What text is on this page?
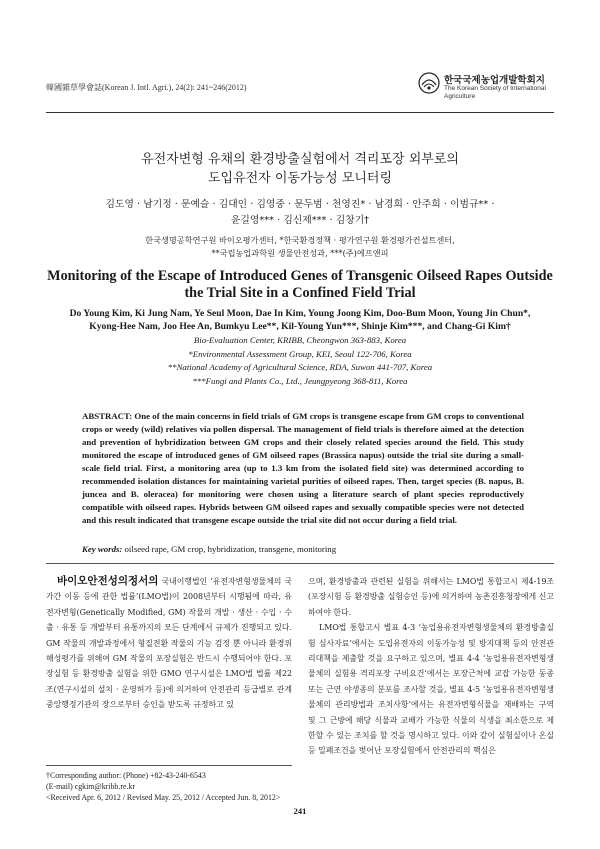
韓國雜草學會誌(Korean J. Intl. Agri.), 24(2): 241~246(2012)
한국국제농업개발학회지
The Korean Society of International Agriculture
유전자변형 유채의 환경방출실험에서 격리포장 외부로의
도입유전자 이동가능성 모니터링
김도영 · 남기정 · 문예슬 · 김대인 · 김영중 · 문두범 · 천영진* · 남경희 · 안주희 · 이범규** ·
윤길영*** · 김신제*** · 김창기†
한국생명공학연구원 바이오평가센터, *한국환경정책 · 평가연구원 환경평가컨설트센터,
**국립농업과학원 생물안전성과, ***(주)에프앤피
Monitoring of the Escape of Introduced Genes of Transgenic Oilseed Rapes Outside
the Trial Site in a Confined Field Trial
Do Young Kim, Ki Jung Nam, Ye Seul Moon, Dae In Kim, Young Joong Kim, Doo-Bum Moon, Young Jin Chun*,
Kyong-Hee Nam, Joo Hee An, Bumkyu Lee**, Kil-Young Yun***, Shinje Kim***, and Chang-Gi Kim†
Bio-Evaluation Center, KRIBB, Cheongwon 363-883, Korea
*Environmental Assessment Group, KEI, Seoul 122-706, Korea
**National Academy of Agricultural Science, RDA, Suwon 441-707, Korea
***Fungi and Plants Co., Ltd., Jeungpyeong 368-811, Korea
ABSTRACT: One of the main concerns in field trials of GM crops is transgene escape from GM crops to conventional crops or weedy (wild) relatives via pollen dispersal. The management of field trials is therefore aimed at the detection and prevention of hybridization between GM crops and their closely related species around the field. This study monitored the escape of introduced genes of GM oilseed rapes (Brassica napus) outside the trial site during a small-scale field trial. First, a monitoring area (up to 1.3 km from the isolated field site) was determined according to recommended isolation distances for maintaining varietal purities of oilseed rapes. Then, target species (B. napus, B. juncea and B. oleracea) for monitoring were chosen using a literature search of plant species reproductively compatible with oilseed rapes. Hybrids between GM oilseed rapes and sexually compatible species were not detected and this result indicated that transgene escape outside the trial site did not occur during a field trial.
Key words: oilseed rape, GM crop, hybridization, transgene, monitoring

바이오안전성의정서의 국내이행법인 ‘유전자변형생물체의 국가간 이동 등에 관한 법률’(LMO법)이 2008년부터 시행됨에 따라, 유전자변형(Genetically Modified, GM) 작물의 개발 · 생산 · 수입 · 수출 · 유통 등 개발부터 유통까지의 모든 단계에서 규제가 진행되고 있다. GM 작물의 개발과정에서 형질전환 작물의 기능 검정 뿐 아니라 환경위해성평가를 위해여 GM 작물의 포장실험은 반드시 수행되어야 한다. 포장실험 등 환경방출 실험을 위한 GMO 연구시설은 LMO법 법률 제22조(연구시설의 설치 · 운영허가 등)에 의거하여 안전관리 등급별로 관계중앙행정기관의 장으로부터 승인을 받도록 규정하고 있

으며, 환경방출과 관련된 실험을 위해서는 LMO법 통합고시 제4-19조(포장시험 등 환경방출 실험승인 등)에 의거하여 농촌진흥청장에게 신고하여야 한다.

LMO법 통합고시 별표 4-3 ‘농업용유전자변형생물체의 환경방출실험 심사자료’에서는 도입유전자의 이동가능성 및 방지대책 등의 안전관리대책을 제출할 것을 요구하고 있으며, 별표 4-4 ‘농업용유전자변형생물체의 실험용 격리포장 구비요건’에서는 포장근처에 교잡 가능한 동종 또는 근연 야생종의 분포를 조사할 것을, 별표 4-5 ‘농업용유전자변형생물체의 관리방법과 조치사항’에서는 유전자변형식물을 재배하는 구역 및 그 근방에 해당 식물과 교배가 가능한 식물의 식생을 최소한으로 제한할 수 있는 조치를 할 것을 명시하고 있다. 이와 같이 실험실이나 온실 등 밀폐조건을 벗어난 포장실험에서 안전관리의 핵심은

†Corresponding author: (Phone) +82-43-240-6543
(E-mail) cgkim@kribb.re.kr
<Received Apr. 6, 2012 / Revised May. 25, 2012 / Accepted Jun. 8, 2012>
241
